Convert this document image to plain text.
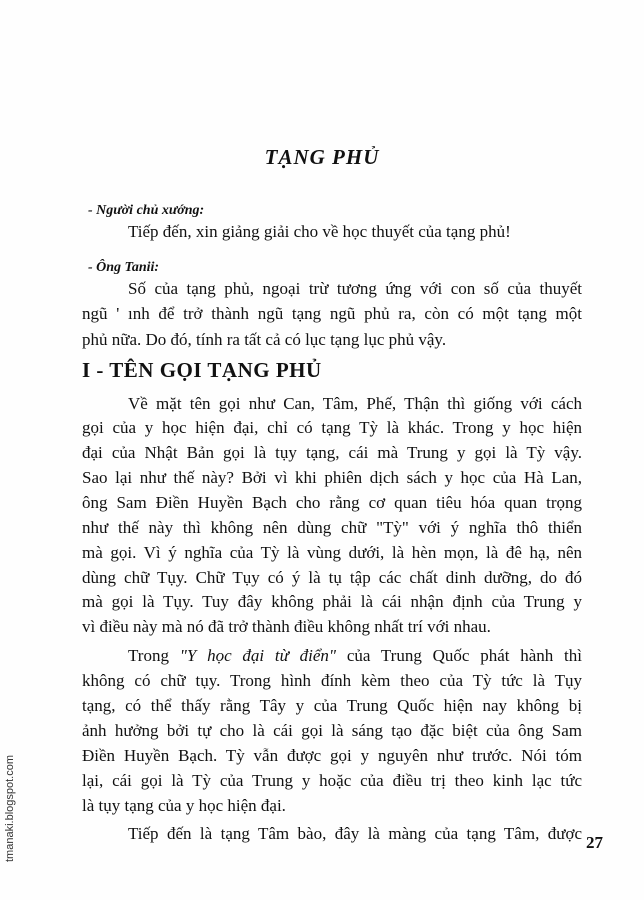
TẠNG PHỦ
- Người chủ xướng:
Tiếp đến, xin giảng giải cho về học thuyết của tạng phủ!
- Ông Tanii:
Số của tạng phủ, ngoại trừ tương ứng với con số của thuyết
ngũ ' ınh để trở thành ngũ tạng ngũ phủ ra, còn có một tạng một
phủ nữa. Do đó, tính ra tất cả có lục tạng lục phủ vậy.
I - TÊN GỌI TẠNG PHỦ
Về mặt tên gọi như Can, Tâm, Phế, Thận thì giống với cách
gọi của y học hiện đại, chỉ có tạng Tỳ là khác. Trong y học hiện
đại của Nhật Bản gọi là tụy tạng, cái mà Trung y gọi là Tỳ vậy.
Sao lại như thế này? Bởi vì khi phiên dịch sách y học của Hà Lan,
ông Sam Điền Huyền Bạch cho rằng cơ quan tiêu hóa quan trọng
như thế này thì không nên dùng chữ "Tỳ" với ý nghĩa thô thiển
mà gọi. Vì ý nghĩa của Tỳ là vùng dưới, là hèn mọn, là đê hạ, nên
dùng chữ Tụy. Chữ Tụy có ý là tụ tập các chất dinh dưỡng, do đó
mà gọi là Tụy. Tuy đây không phải là cái nhận định của Trung y
vì điều này mà nó đã trở thành điều không nhất trí với nhau.
Trong "Y học đại từ điển" của Trung Quốc phát hành thì
không có chữ tụy. Trong hình đính kèm theo của Tỳ tức là Tụy
tạng, có thể thấy rằng Tây y của Trung Quốc hiện nay không bị
ảnh hưởng bởi tự cho là cái gọi là sáng tạo đặc biệt của ông Sam
Điền Huyền Bạch. Tỳ vẫn được gọi y nguyên như trước. Nói tóm
lại, cái gọi là Tỳ của Trung y hoặc của điều trị theo kinh lạc tức
là tụy tạng của y học hiện đại.
Tiếp đến là tạng Tâm bào, đây là màng của tạng Tâm, được 27
tmanaki.blogspot.com
